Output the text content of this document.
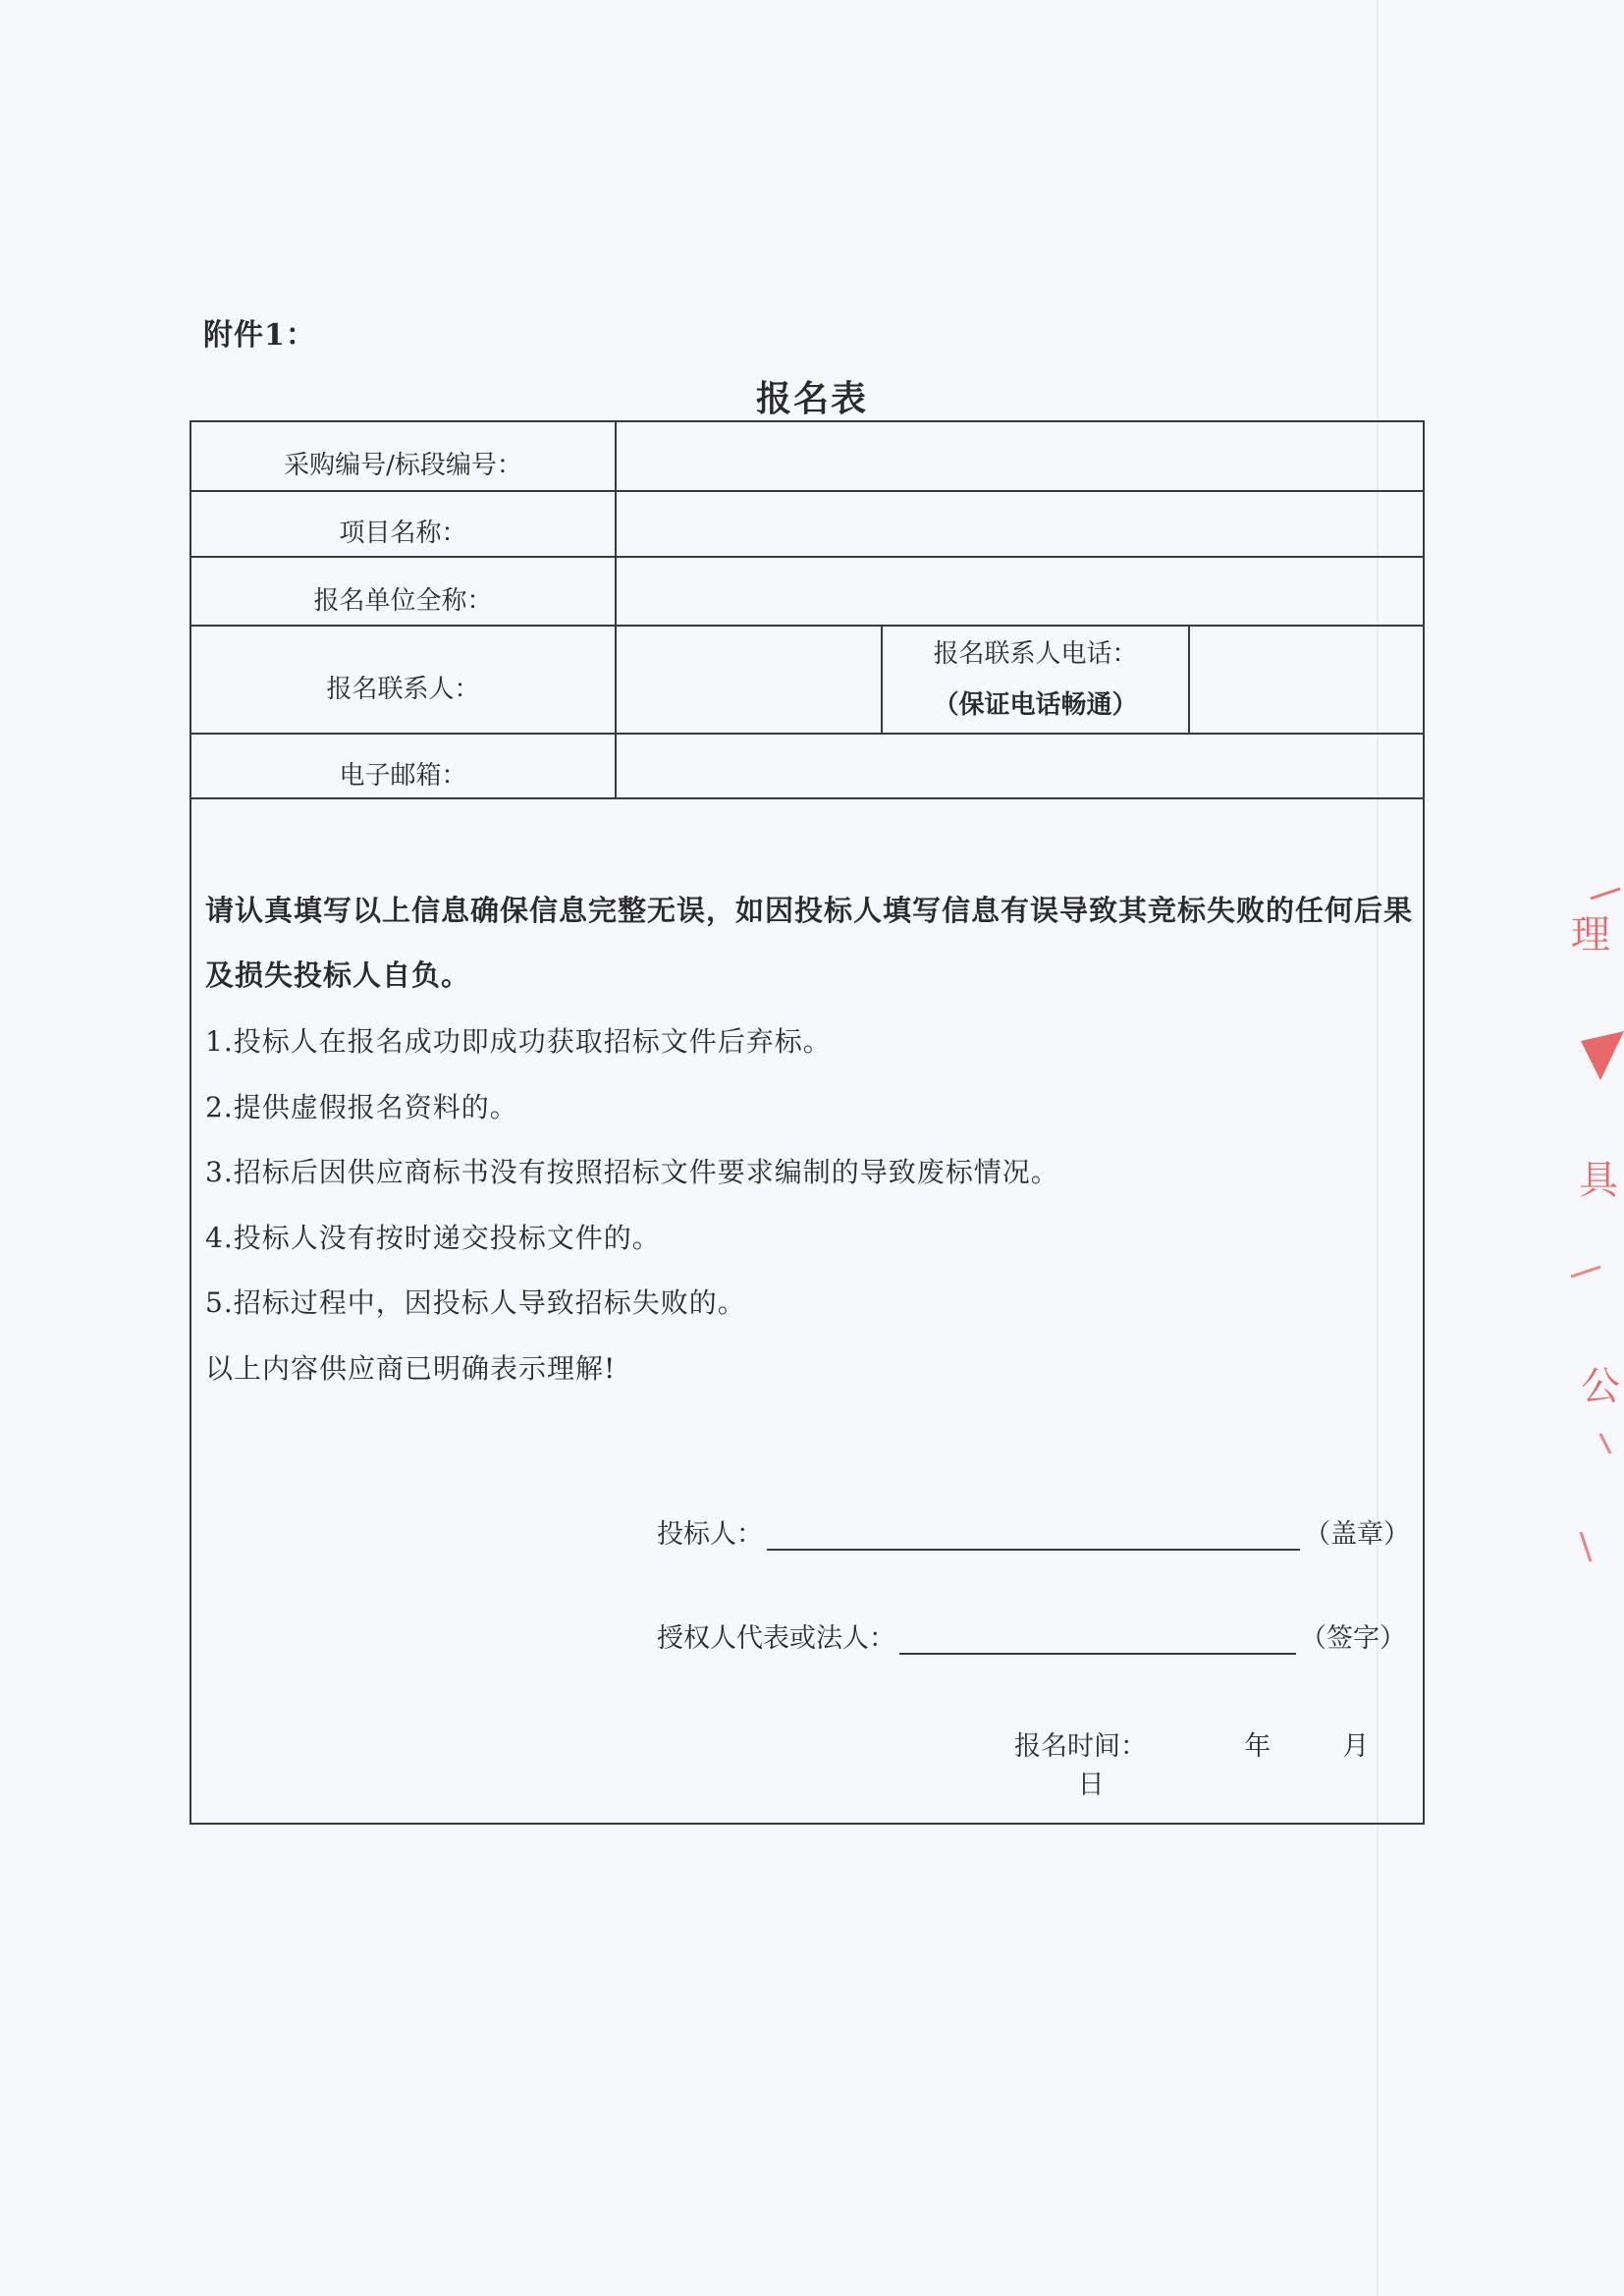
附件1：
报名表
采购编号/标段编号：
项目名称：
报名单位全称：
报名联系人：
报名联系人电话：
（保证电话畅通）
电子邮箱：
请认真填写以上信息确保信息完整无误，如因投标人填写信息有误导致其竞标失败的任何后果及损失投标人自负。
1.投标人在报名成功即成功获取招标文件后弃标。
2.提供虚假报名资料的。
3.招标后因供应商标书没有按照招标文件要求编制的导致废标情况。
4.投标人没有按时递交投标文件的。
5.招标过程中，因投标人导致招标失败的。
以上内容供应商已明确表示理解!
投标人：	（盖章）
授权人代表或法人：	（签字）
报名时间：	年	月  日
理
具
公
